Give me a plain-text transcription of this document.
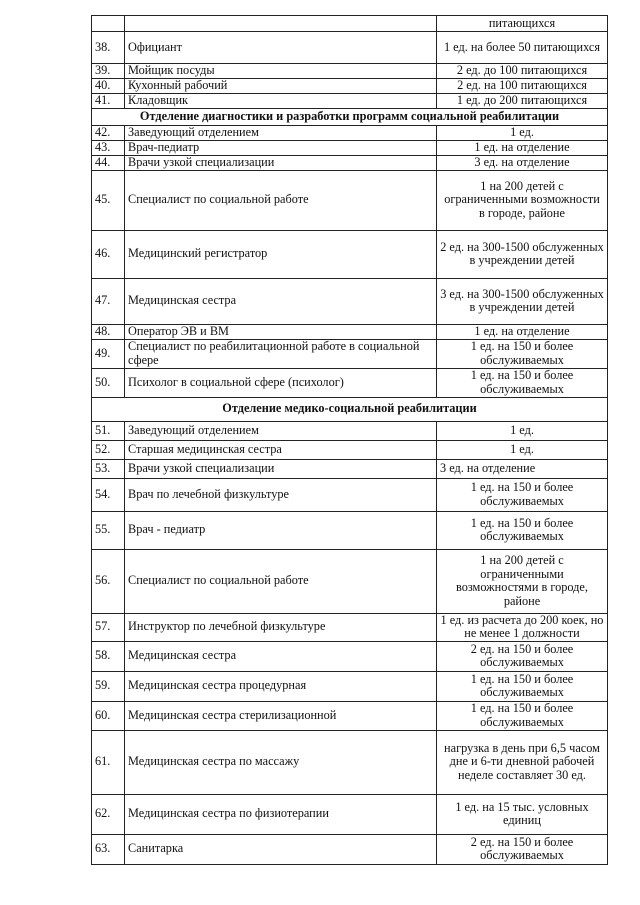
		питающихся
38.	Официант	1 ед. на более 50 питающихся
39.	Мойщик посуды	2 ед. до 100 питающихся
40.	Кухонный рабочий	2 ед. на 100 питающихся
41.	Кладовщик	1 ед. до 200 питающихся
Отделение диагностики и разработки программ социальной реабилитации		
42.	Заведующий отделением	1 ед.
43.	Врач-педиатр	1 ед. на отделение
44.	Врачи узкой специализации	3 ед. на отделение
45.	Специалист по социальной работе	1 на 200 детей с ограниченными возможности в городе, районе
46.	Медицинский регистратор	2 ед. на 300-1500 обслуженных в учреждении детей
47.	Медицинская сестра	3 ед. на 300-1500 обслуженных в учреждении детей
48.	Оператор ЭВ и ВМ	1 ед. на отделение
49.	Специалист по реабилитационной работе в социальной сфере	1 ед. на 150 и более обслуживаемых
50.	Психолог в социальной сфере (психолог)	1 ед. на 150 и более обслуживаемых
Отделение медико-социальной реабилитации		
51.	Заведующий отделением	1 ед.
52.	Старшая медицинская сестра	1 ед.
53.	Врачи узкой специализации	3 ед. на отделение
54.	Врач по лечебной физкультуре	1 ед. на 150 и более обслуживаемых
55.	Врач - педиатр	1 ед. на 150 и более обслуживаемых
56.	Специалист по социальной работе	1 на 200 детей с ограниченными возможностями в городе, районе
57.	Инструктор по лечебной физкультуре	1 ед. из расчета до 200 коек, но не менее 1 должности
58.	Медицинская сестра	2 ед. на 150 и более обслуживаемых
59.	Медицинская сестра процедурная	1 ед. на 150 и более обслуживаемых
60.	Медицинская сестра стерилизационной	1 ед. на 150 и более обслуживаемых
61.	Медицинская сестра по массажу	нагрузка в день при 6,5 часом дне и 6-ти дневной рабочей неделе составляет 30 ед.
62.	Медицинская сестра по физиотерапии	1 ед. на 15 тыс. условных единиц
63.	Санитарка	2 ед. на 150 и более обслуживаемых
